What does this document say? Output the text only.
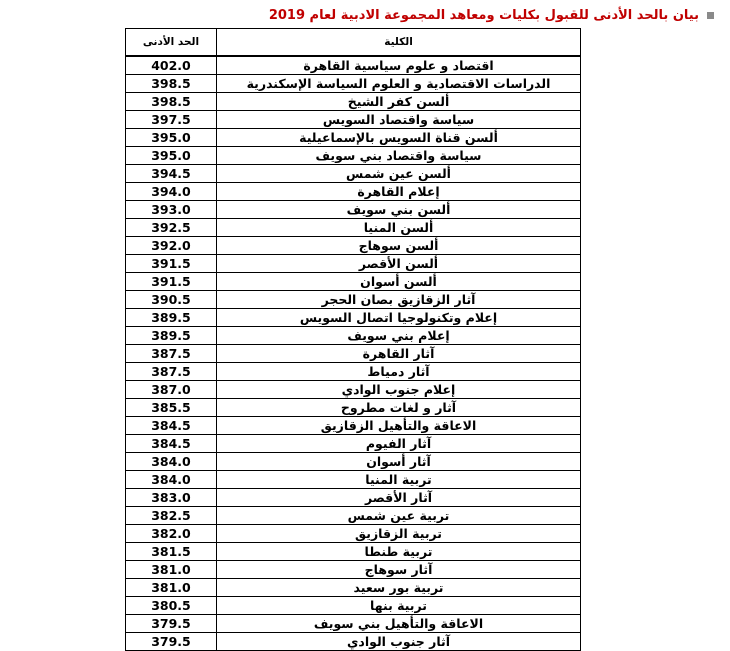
بيان بالحد الأدنى للقبول بكليات ومعاهد المجموعة الادبية لعام 2019
الحد الأدنى	الكلية
402.0	اقتصاد و علوم سياسية القاهرة
398.5	الدراسات الاقتصادية و العلوم السياسة الإسكندرية
398.5	ألسن كفر الشيخ
397.5	سياسة واقتصاد السويس
395.0	ألسن قناة السويس بالإسماعيلية
395.0	سياسة واقتصاد بني سويف
394.5	ألسن عين شمس
394.0	إعلام القاهرة
393.0	ألسن بني سويف
392.5	ألسن المنيا
392.0	ألسن سوهاج
391.5	ألسن الأقصر
391.5	ألسن أسوان
390.5	آثار الزقازيق بصان الحجر
389.5	إعلام وتكنولوجيا اتصال السويس
389.5	إعلام بني سويف
387.5	آثار القاهرة
387.5	آثار دمياط
387.0	إعلام جنوب الوادي
385.5	آثار و لغات مطروح
384.5	الاعاقة والتأهيل الزقازيق
384.5	آثار الفيوم
384.0	آثار أسوان
384.0	تربية المنيا
383.0	آثار الأقصر
382.5	تربية عين شمس
382.0	تربية الزقازيق
381.5	تربية طنطا
381.0	آثار سوهاج
381.0	تربية بور سعيد
380.5	تربية بنها
379.5	الاعاقة والتأهيل بني سويف
379.5	آثار جنوب الوادي
